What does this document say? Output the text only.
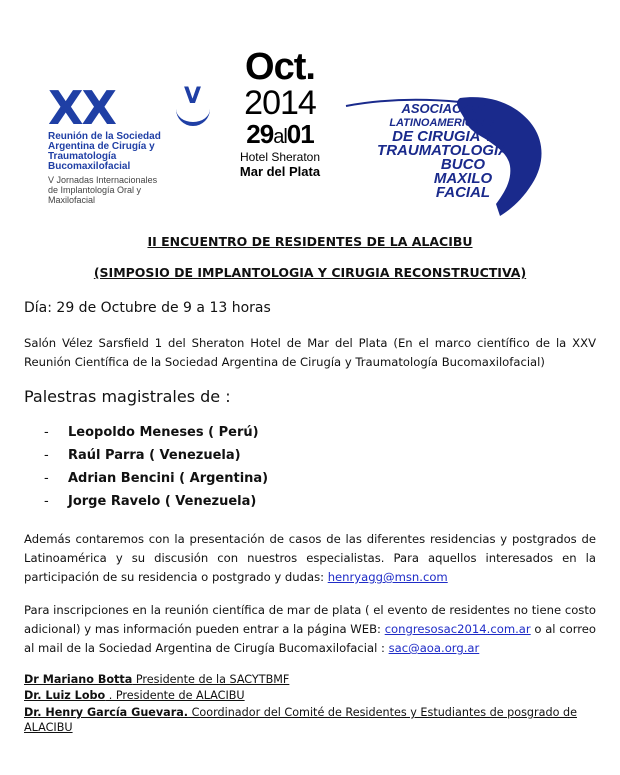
XX	V
Reunión de la Sociedad
Argentina de Cirugía y
Traumatología
Bucomaxilofacial
V Jornadas Internacionales
de Implantología Oral y
Maxilofacial
Oct.
2014
29al01
Hotel Sheraton
Mar del Plata
ASOCIACION
LATINOAMERICANA
DE CIRUGIA Y
TRAUMATOLOGIA
BUCO
MAXILO
FACIAL
II ENCUENTRO DE RESIDENTES DE LA ALACIBU
(SIMPOSIO DE IMPLANTOLOGIA Y CIRUGIA RECONSTRUCTIVA)
Día: 29 de Octubre de 9 a 13 horas
Salón Vélez Sarsfield 1 del Sheraton Hotel de Mar del Plata (En el marco científico de la XXV Reunión Científica de la Sociedad Argentina de Cirugía y Traumatología Bucomaxilofacial)
Palestras magistrales de :
- Leopoldo Meneses ( Perú)
- Raúl Parra ( Venezuela)
- Adrian Bencini ( Argentina)
- Jorge Ravelo ( Venezuela)
Además contaremos con la presentación de casos de las diferentes residencias y postgrados de Latinoamérica y su discusión con nuestros especialistas. Para aquellos interesados en la participación de su residencia o postgrado y dudas: henryagg@msn.com
Para inscripciones en la reunión científica de mar de plata ( el evento de residentes no tiene costo adicional) y mas información pueden entrar a la página WEB: congresosac2014.com.ar o al correo al mail de la Sociedad Argentina de Cirugía Bucomaxilofacial : sac@aoa.org.ar
Dr Mariano Botta Presidente de la SACYTBMF
Dr. Luiz Lobo . Presidente de ALACIBU
Dr. Henry García Guevara. Coordinador del Comité de Residentes y Estudiantes de posgrado de ALACIBU
